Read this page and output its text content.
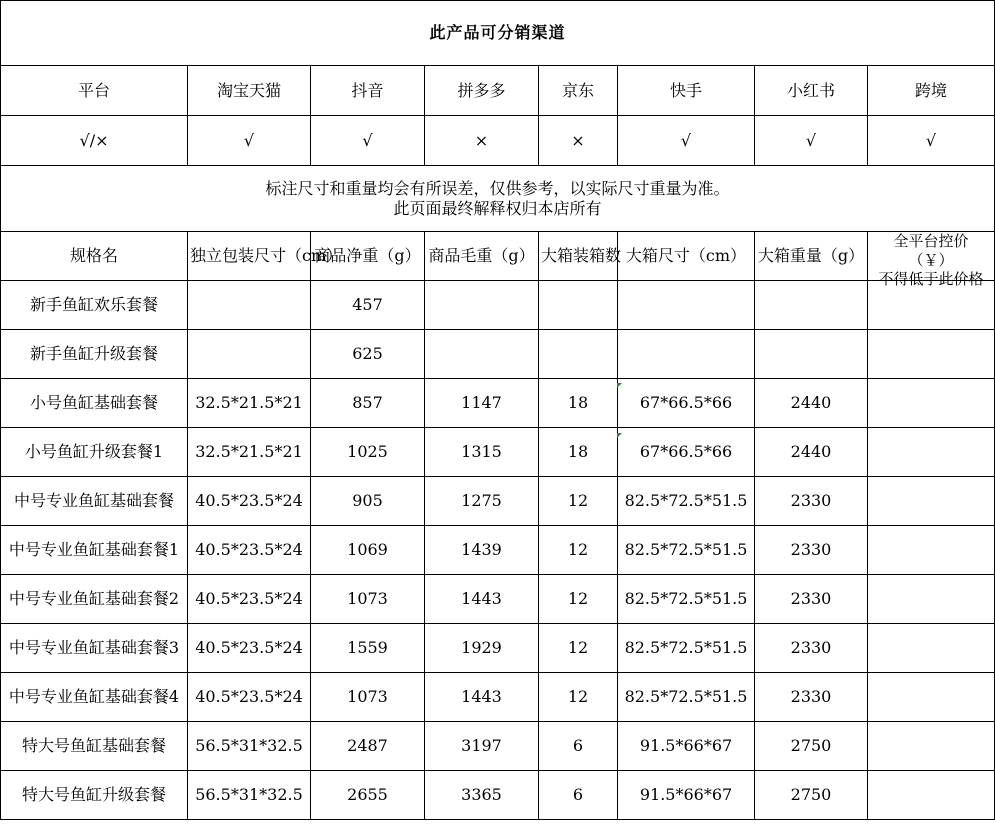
此产品可分销渠道							
平台	淘宝天猫	抖音	拼多多	京东	快手	小红书	跨境
√/×	√	√	×	×	√	√	√

标注尺寸和重量均会有所误差，仅供参考，以实际尺寸重量为准。
此页面最终解释权归本店所有							

规格名	独立包装尺寸（cm）	商品净重（g）	商品毛重（g）	大箱装箱数	大箱尺寸（cm）	大箱重量（g）	全平台控价
（￥）
不得低于此价格

新手鱼缸欢乐套餐		457					
新手鱼缸升级套餐		625					
小号鱼缸基础套餐	32.5*21.5*21	857	1147	18	67*66.5*66	2440	
小号鱼缸升级套餐1	32.5*21.5*21	1025	1315	18	67*66.5*66	2440	
中号专业鱼缸基础套餐	40.5*23.5*24	905	1275	12	82.5*72.5*51.5	2330	
中号专业鱼缸基础套餐1	40.5*23.5*24	1069	1439	12	82.5*72.5*51.5	2330	
中号专业鱼缸基础套餐2	40.5*23.5*24	1073	1443	12	82.5*72.5*51.5	2330	
中号专业鱼缸基础套餐3	40.5*23.5*24	1559	1929	12	82.5*72.5*51.5	2330	
中号专业鱼缸基础套餐4	40.5*23.5*24	1073	1443	12	82.5*72.5*51.5	2330	
特大号鱼缸基础套餐	56.5*31*32.5	2487	3197	6	91.5*66*67	2750	
特大号鱼缸升级套餐	56.5*31*32.5	2655	3365	6	91.5*66*67	2750	
